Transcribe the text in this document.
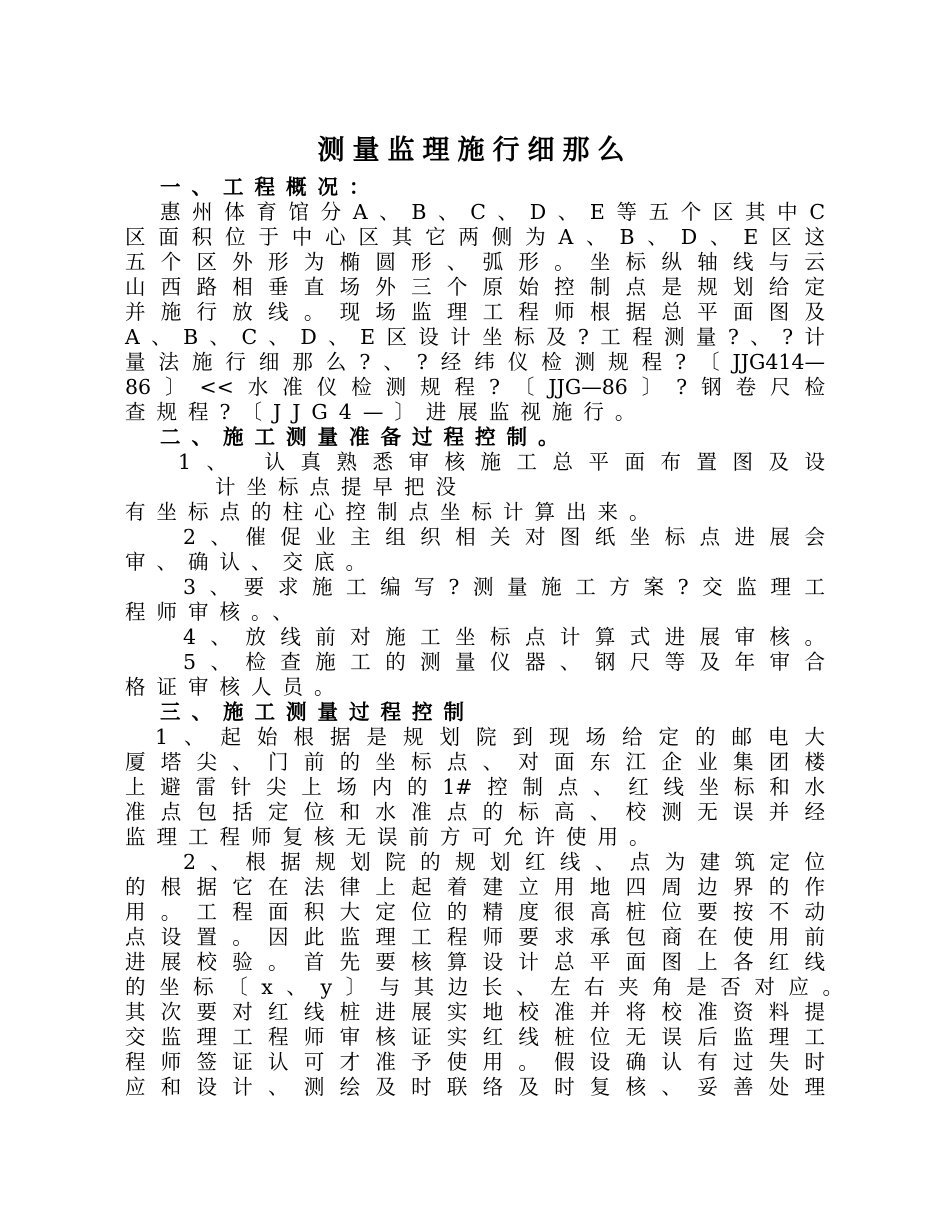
测量监理施行细那么
一、工程概况：
惠州体育馆分A、B、C、D、E等五个区其中C
区面积位于中心区其它两侧为A、B、D、E区这
五个区外形为椭圆形、弧形。坐标纵轴线与云
山西路相垂直场外三个原始控制点是规划给定
并施行放线。现场监理工程师根据总平面图及
A、B、C、D、E区设计坐标及?工程测量?、?计
量法施行细那么?、?经纬仪检测规程?〔JJG414—
86〕<<水准仪检测规程?〔JJG—86〕?钢卷尺检
查规程?〔JJG4—〕进展监视施行。
二、施工测量准备过程控制。
1、 认真熟悉审核施工总平面布置图及设
计坐标点提早把没
有坐标点的柱心控制点坐标计算出来。
2、催促业主组织相关对图纸坐标点进展会
审、确认、交底。
3、要求施工编写?测量施工方案?交监理工
程师审核。、
4、放线前对施工坐标点计算式进展审核。
5、检查施工的测量仪器、钢尺等及年审合
格证审核人员。
三、施工测量过程控制
1、起始根据是规划院到现场给定的邮电大
厦塔尖、门前的坐标点、对面东江企业集团楼
上避雷针尖上场内的1#控制点、红线坐标和水
准点包括定位和水准点的标高、校测无误并经
监理工程师复核无误前方可允许使用。
2、根据规划院的规划红线、点为建筑定位
的根据它在法律上起着建立用地四周边界的作
用。工程面积大定位的精度很高桩位要按不动
点设置。因此监理工程师要求承包商在使用前
进展校验。首先要核算设计总平面图上各红线
的坐标〔x、y〕与其边长、左右夹角是否对应。
其次要对红线桩进展实地校准并将校准资料提
交监理工程师审核证实红线桩位无误后监理工
程师签证认可才准予使用。假设确认有过失时
应和设计、测绘及时联络及时复核、妥善处理
